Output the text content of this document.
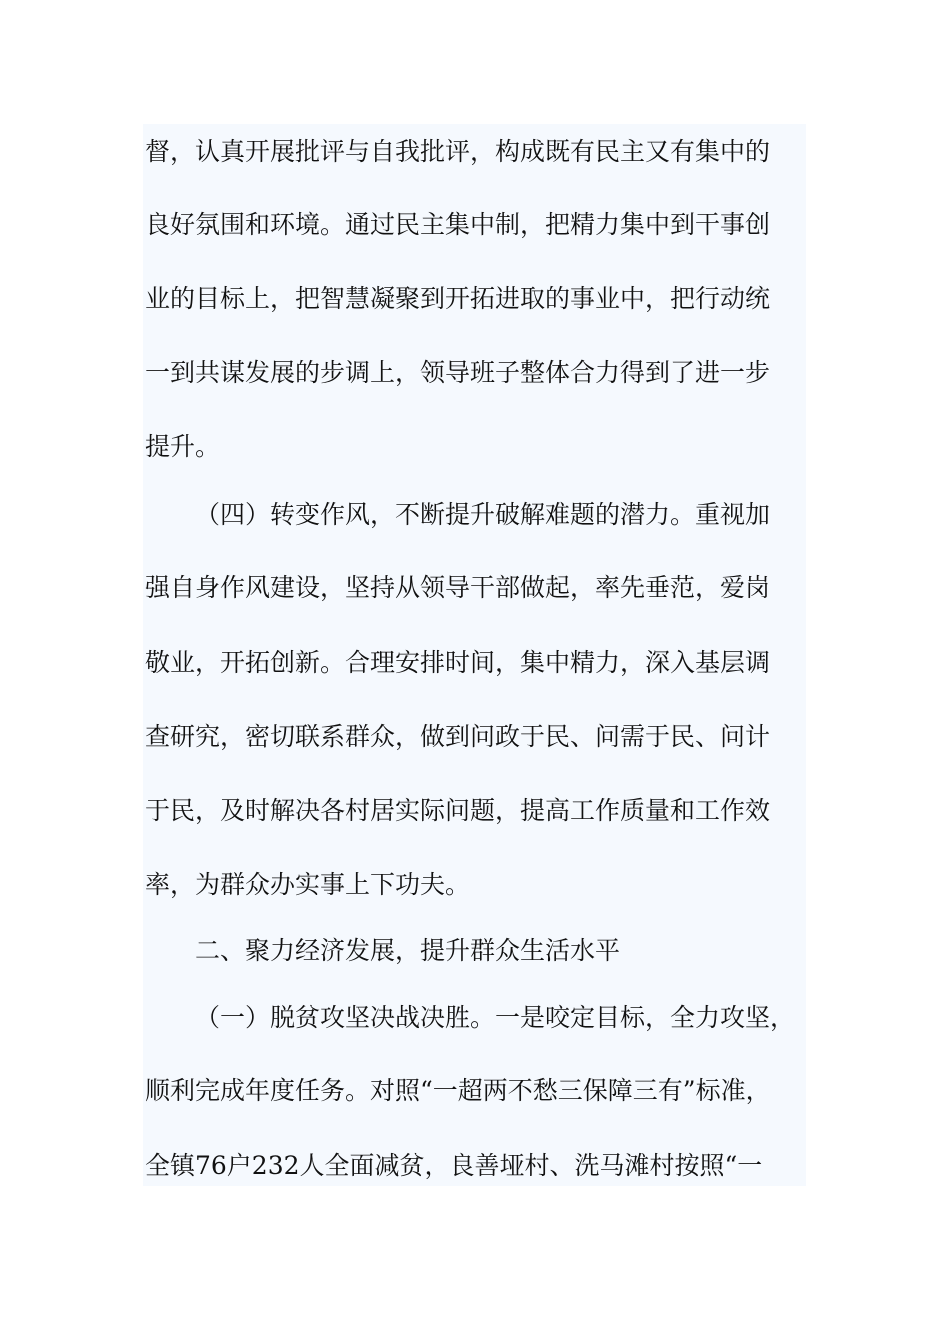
督，认真开展批评与自我批评，构成既有民主又有集中的
良好氛围和环境。通过民主集中制，把精力集中到干事创
业的目标上，把智慧凝聚到开拓进取的事业中，把行动统
一到共谋发展的步调上，领导班子整体合力得到了进一步
提升。
（四）转变作风，不断提升破解难题的潜力。重视加
强自身作风建设，坚持从领导干部做起，率先垂范，爱岗
敬业，开拓创新。合理安排时间，集中精力，深入基层调
查研究，密切联系群众，做到问政于民、问需于民、问计
于民，及时解决各村居实际问题，提高工作质量和工作效
率，为群众办实事上下功夫。
二、聚力经济发展，提升群众生活水平
（一）脱贫攻坚决战决胜。一是咬定目标，全力攻坚，
顺利完成年度任务。对照“一超两不愁三保障三有”标准，
全镇76户232人全面减贫，良善垭村、洗马滩村按照“一
